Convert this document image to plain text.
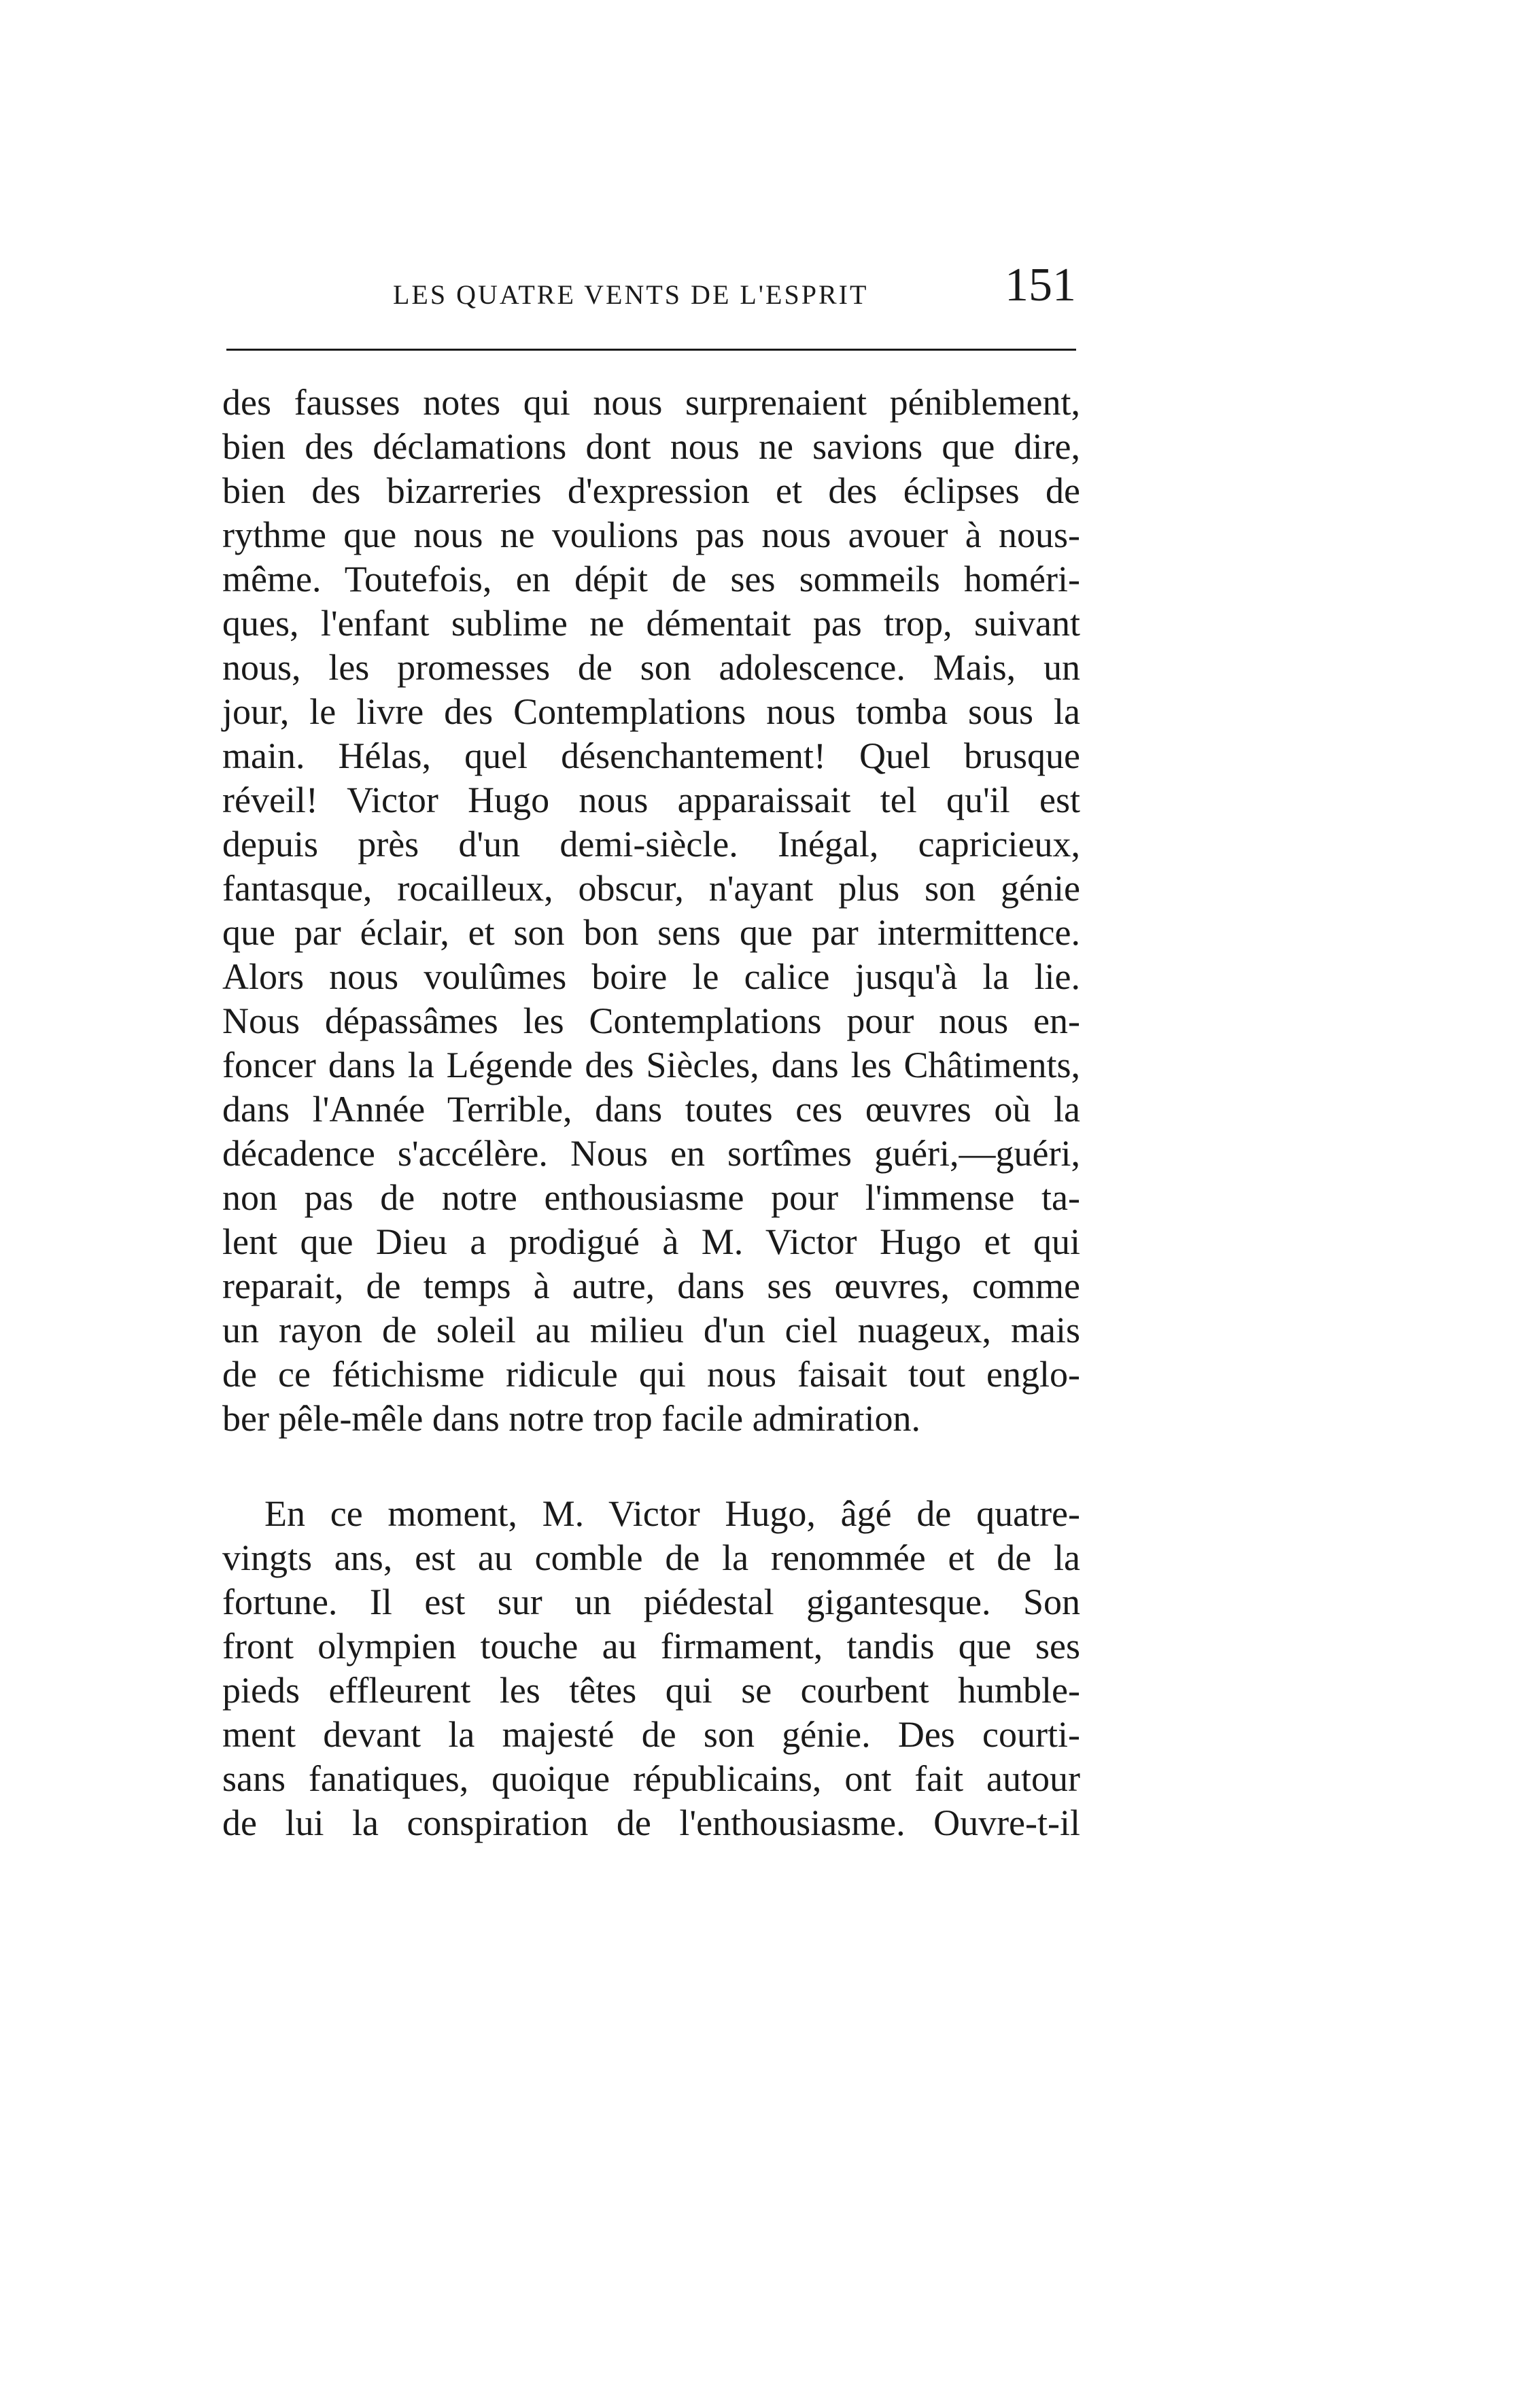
LES QUATRE VENTS DE L'ESPRIT	151
des fausses notes qui nous surprenaient péniblement,
bien des déclamations dont nous ne savions que dire,
bien des bizarreries d'expression et des éclipses de
rythme que nous ne voulions pas nous avouer à nous-
même. Toutefois, en dépit de ses sommeils homéri-
ques, l'enfant sublime ne démentait pas trop, suivant
nous, les promesses de son adolescence. Mais, un
jour, le livre des Contemplations nous tomba sous la
main. Hélas, quel désenchantement! Quel brusque
réveil! Victor Hugo nous apparaissait tel qu'il est
depuis près d'un demi-siècle. Inégal, capricieux,
fantasque, rocailleux, obscur, n'ayant plus son génie
que par éclair, et son bon sens que par intermittence.
Alors nous voulûmes boire le calice jusqu'à la lie.
Nous dépassâmes les Contemplations pour nous en-
foncer dans la Légende des Siècles, dans les Châtiments,
dans l'Année Terrible, dans toutes ces œuvres où la
décadence s'accélère. Nous en sortîmes guéri,—guéri,
non pas de notre enthousiasme pour l'immense ta-
lent que Dieu a prodigué à M. Victor Hugo et qui
reparait, de temps à autre, dans ses œuvres, comme
un rayon de soleil au milieu d'un ciel nuageux, mais
de ce fétichisme ridicule qui nous faisait tout englo-
ber pêle-mêle dans notre trop facile admiration.
En ce moment, M. Victor Hugo, âgé de quatre-
vingts ans, est au comble de la renommée et de la
fortune. Il est sur un piédestal gigantesque. Son
front olympien touche au firmament, tandis que ses
pieds effleurent les têtes qui se courbent humble-
ment devant la majesté de son génie. Des courti-
sans fanatiques, quoique républicains, ont fait autour
de lui la conspiration de l'enthousiasme. Ouvre-t-il
